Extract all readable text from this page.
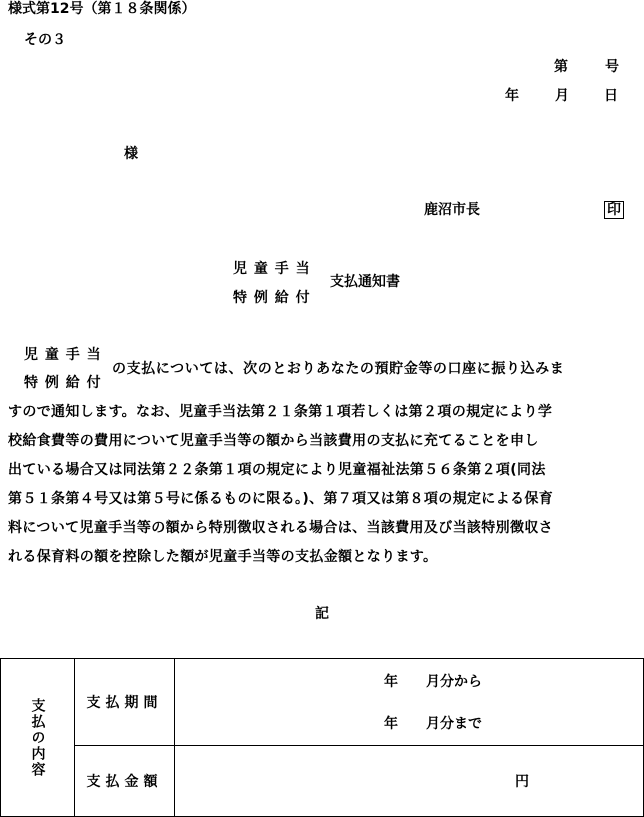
様式第12号（第１８条関係）
その３
第	号
年	月	日
様
鹿沼市長	印
児 童 手 当
特 例 給 付
支払通知書
児 童 手 当
特 例 給 付
の支払については、次のとおりあなたの預貯金等の口座に振り込みま
すので通知します。なお、児童手当法第２１条第１項若しくは第２項の規定により学
校給食費等の費用について児童手当等の額から当該費用の支払に充てることを申し
出ている場合又は同法第２２条第１項の規定により児童福祉法第５６条第２項(同法
第５１条第４号又は第５号に係るものに限る。)、第７項又は第８項の規定による保育
料について児童手当等の額から特別徴収される場合は、当該費用及び当該特別徴収さ
れる保育料の額を控除した額が児童手当等の支払金額となります。
記
支払の内容	支払期間	年　　月分から
年　　月分まで

	支払金額	円
